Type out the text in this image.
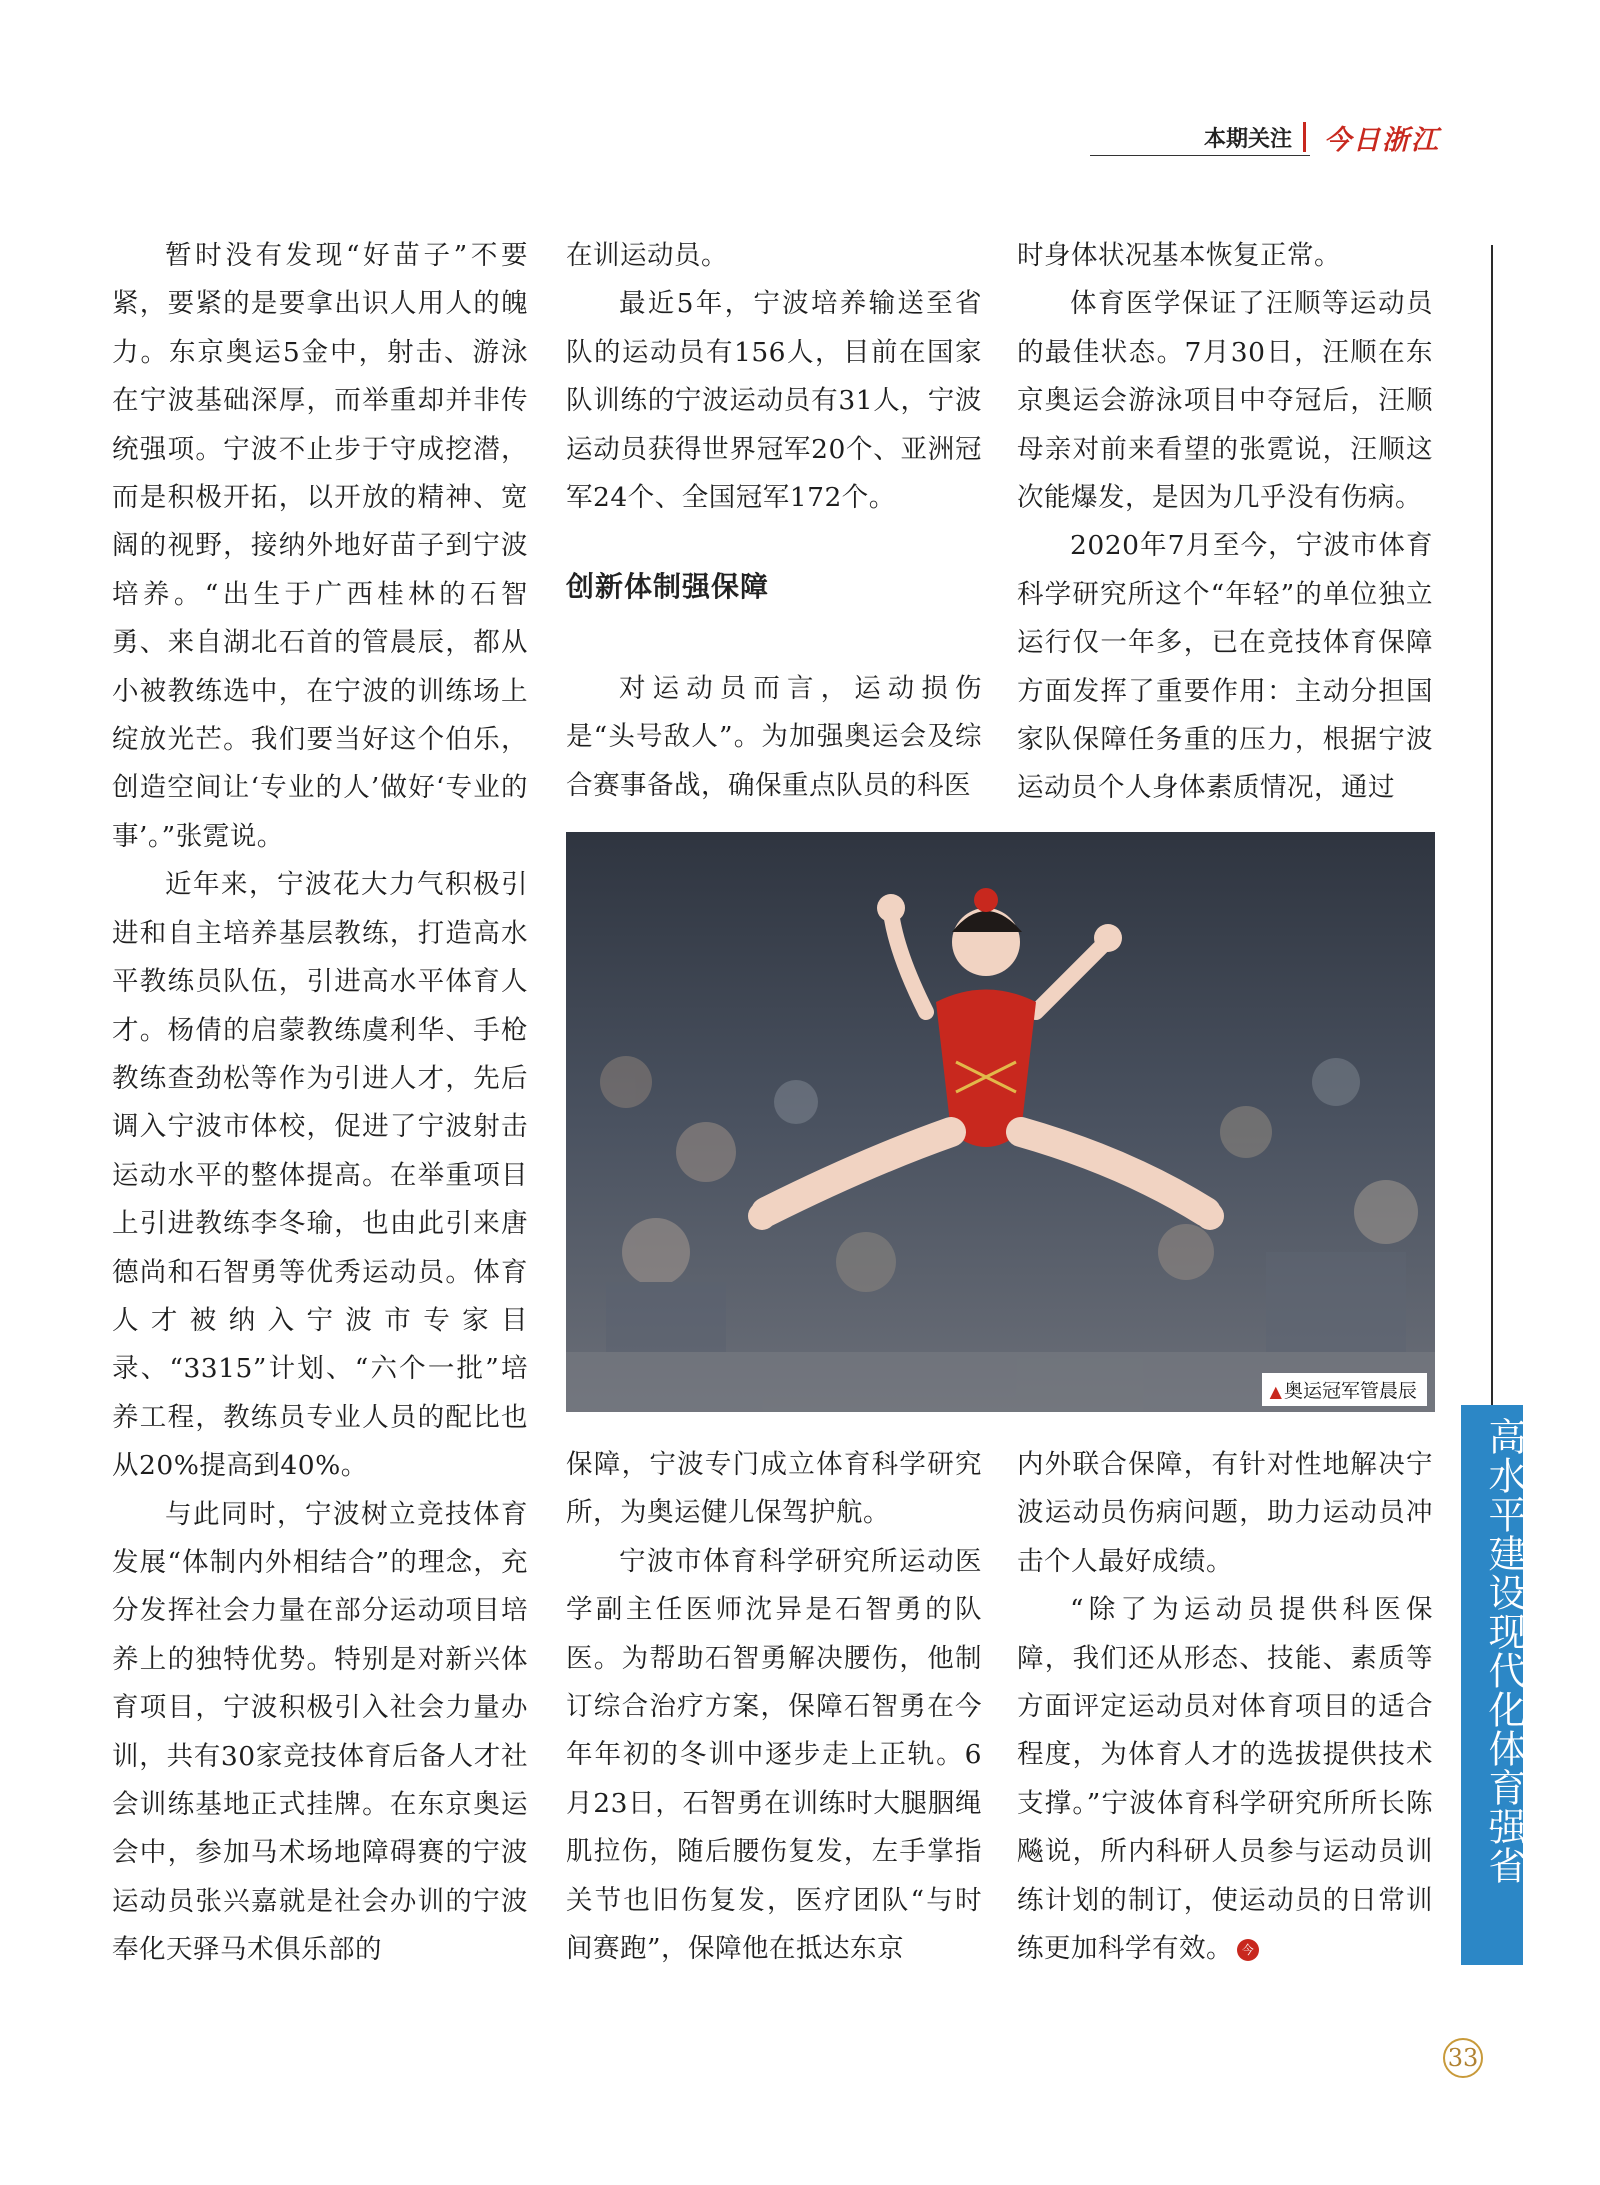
本期关注 今日浙江

暂时没有发现“好苗子”不要紧，要紧的是要拿出识人用人的魄力。东京奥运5金中，射击、游泳在宁波基础深厚，而举重却并非传统强项。宁波不止步于守成挖潜，而是积极开拓，以开放的精神、宽阔的视野，接纳外地好苗子到宁波培养。“出生于广西桂林的石智勇、来自湖北石首的管晨辰，都从小被教练选中，在宁波的训练场上绽放光芒。我们要当好这个伯乐，创造空间让‘专业的人’做好‘专业的事’。”张霓说。

近年来，宁波花大力气积极引进和自主培养基层教练，打造高水平教练员队伍，引进高水平体育人才。杨倩的启蒙教练虞利华、手枪教练查劲松等作为引进人才，先后调入宁波市体校，促进了宁波射击运动水平的整体提高。在举重项目上引进教练李冬瑜，也由此引来唐德尚和石智勇等优秀运动员。体育人才被纳入宁波市专家目录、“3315”计划、“六个一批”培养工程，教练员专业人员的配比也从20%提高到40%。

与此同时，宁波树立竞技体育发展“体制内外相结合”的理念，充分发挥社会力量在部分运动项目培养上的独特优势。特别是对新兴体育项目，宁波积极引入社会力量办训，共有30家竞技体育后备人才社会训练基地正式挂牌。在东京奥运会中，参加马术场地障碍赛的宁波运动员张兴嘉就是社会办训的宁波奉化天驿马术俱乐部的

在训运动员。

最近5年，宁波培养输送至省队的运动员有156人，目前在国家队训练的宁波运动员有31人，宁波运动员获得世界冠军20个、亚洲冠军24个、全国冠军172个。

创新体制强保障

对运动员而言，运动损伤是“头号敌人”。为加强奥运会及综合赛事备战，确保重点队员的科医

时身体状况基本恢复正常。

体育医学保证了汪顺等运动员的最佳状态。7月30日，汪顺在东京奥运会游泳项目中夺冠后，汪顺母亲对前来看望的张霓说，汪顺这次能爆发，是因为几乎没有伤病。

2020年7月至今，宁波市体育科学研究所这个“年轻”的单位独立运行仅一年多，已在竞技体育保障方面发挥了重要作用：主动分担国家队保障任务重的压力，根据宁波运动员个人身体素质情况，通过

▲ 奥运冠军管晨辰

保障，宁波专门成立体育科学研究所，为奥运健儿保驾护航。

宁波市体育科学研究所运动医学副主任医师沈异是石智勇的队医。为帮助石智勇解决腰伤，他制订综合治疗方案，保障石智勇在今年年初的冬训中逐步走上正轨。6月23日，石智勇在训练时大腿胭绳肌拉伤，随后腰伤复发，左手掌指关节也旧伤复发，医疗团队“与时间赛跑”，保障他在抵达东京

内外联合保障，有针对性地解决宁波运动员伤病问题，助力运动员冲击个人最好成绩。

“除了为运动员提供科医保障，我们还从形态、技能、素质等方面评定运动员对体育项目的适合程度，为体育人才的选拔提供技术支撑。”宁波体育科学研究所所长陈飚说，所内科研人员参与运动员训练计划的制订，使运动员的日常训练更加科学有效。 今

高水平建设现代化体育强省
33
